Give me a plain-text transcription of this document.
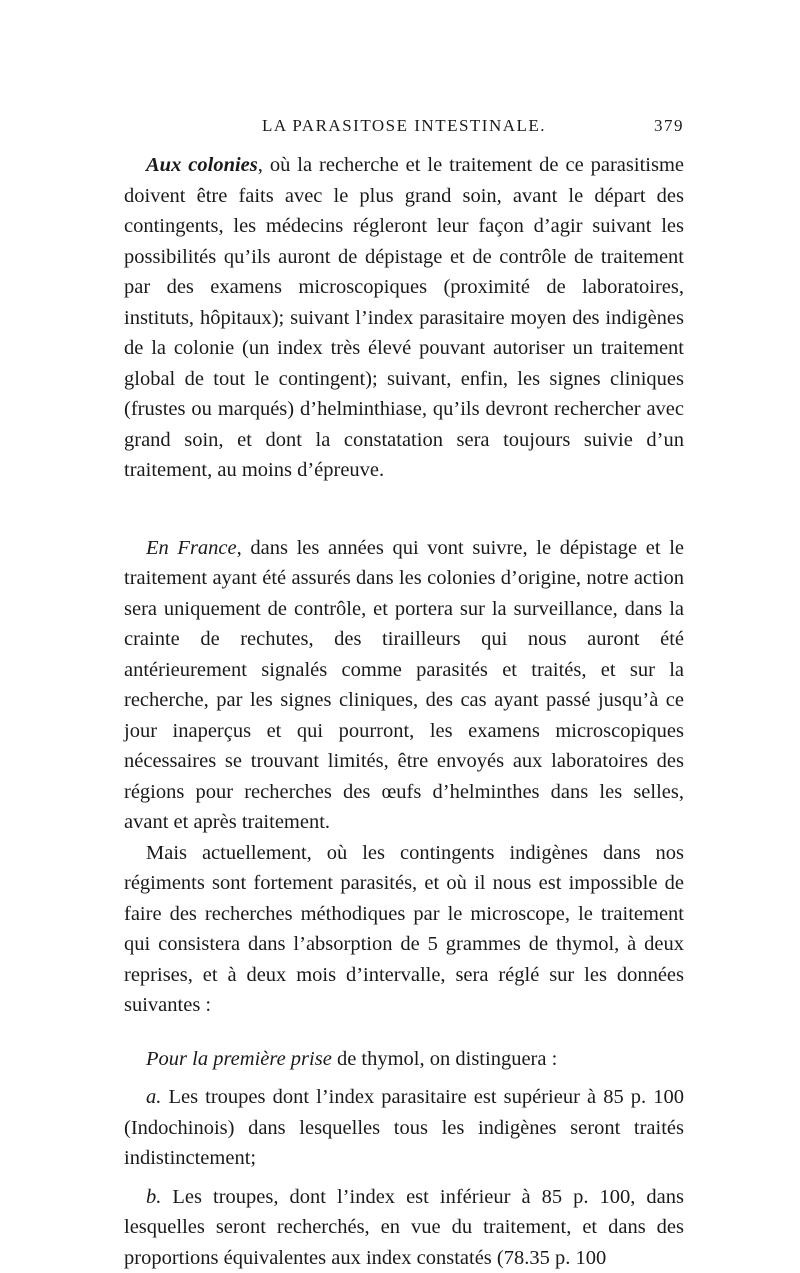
LA PARASITOSE INTESTINALE.	379

Aux colonies, où la recherche et le traitement de ce parasitisme doivent être faits avec le plus grand soin, avant le départ des contingents, les médecins régleront leur façon d’agir suivant les possibilités qu’ils auront de dépistage et de contrôle de traitement par des examens microscopiques (proximité de laboratoires, instituts, hôpitaux); suivant l’index parasitaire moyen des indigènes de la colonie (un index très élevé pouvant autoriser un traitement global de tout le contingent); suivant, enfin, les signes cliniques (frustes ou marqués) d’helminthiase, qu’ils devront rechercher avec grand soin, et dont la constatation sera toujours suivie d’un traitement, au moins d’épreuve.

En France, dans les années qui vont suivre, le dépistage et le traitement ayant été assurés dans les colonies d’origine, notre action sera uniquement de contrôle, et portera sur la surveillance, dans la crainte de rechutes, des tirailleurs qui nous auront été antérieurement signalés comme parasités et traités, et sur la recherche, par les signes cliniques, des cas ayant passé jusqu’à ce jour inaperçus et qui pourront, les examens microscopiques nécessaires se trouvant limités, être envoyés aux laboratoires des régions pour recherches des œufs d’helminthes dans les selles, avant et après traitement.

Mais actuellement, où les contingents indigènes dans nos régiments sont fortement parasités, et où il nous est impossible de faire des recherches méthodiques par le microscope, le traitement qui consistera dans l’absorption de 5 grammes de thymol, à deux reprises, et à deux mois d’intervalle, sera réglé sur les données suivantes :

Pour la première prise de thymol, on distinguera :

a. Les troupes dont l’index parasitaire est supérieur à 85 p. 100 (Indochinois) dans lesquelles tous les indigènes seront traités indistinctement;

b. Les troupes, dont l’index est inférieur à 85 p. 100, dans lesquelles seront recherchés, en vue du traitement, et dans des proportions équivalentes aux index constatés (78.35 p. 100
